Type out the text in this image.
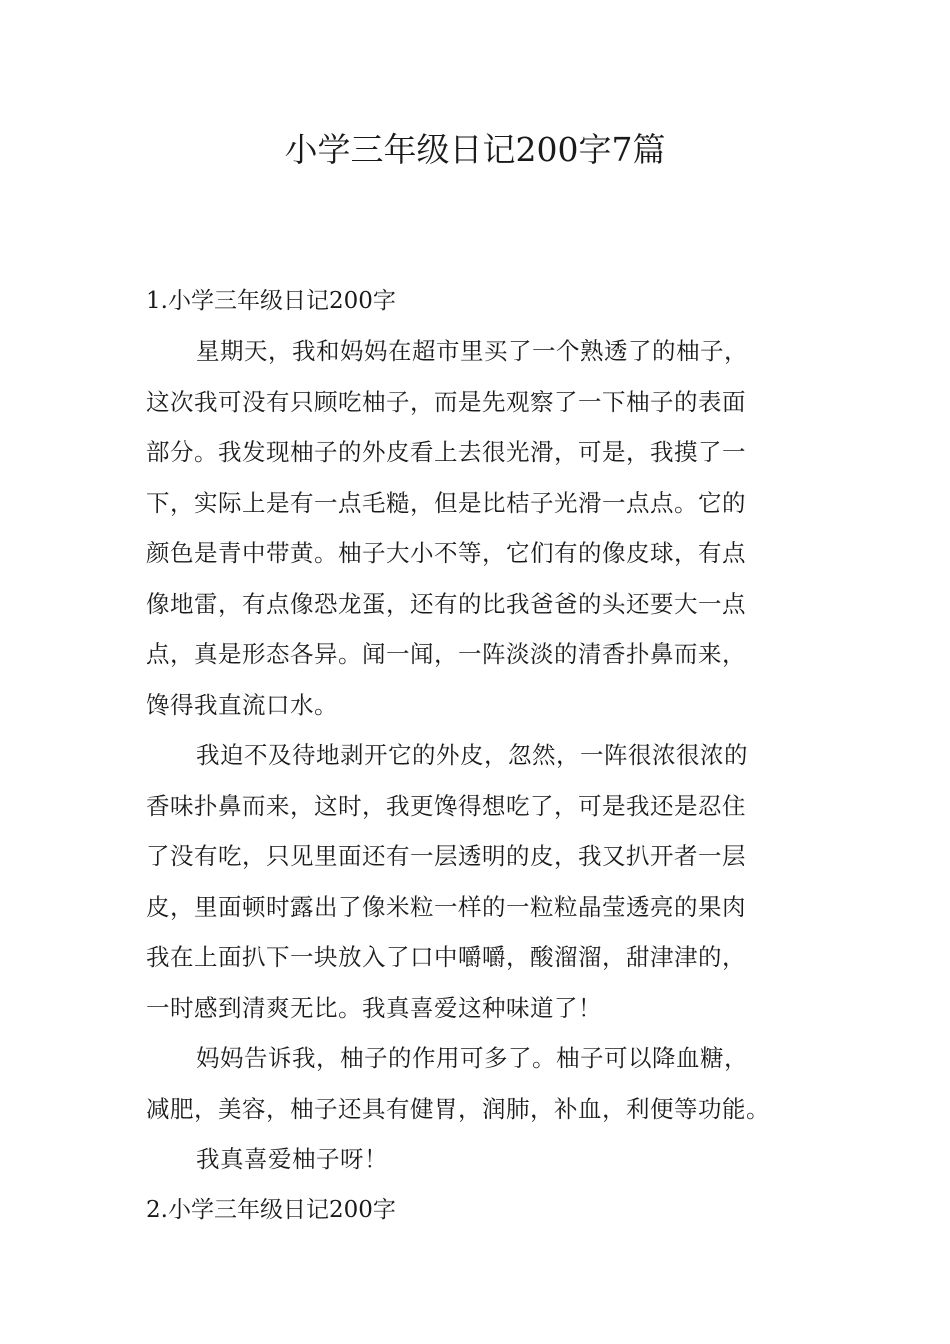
小学三年级日记200字7篇
1.小学三年级日记200字

星期天，我和妈妈在超市里买了一个熟透了的柚子，
这次我可没有只顾吃柚子，而是先观察了一下柚子的表面
部分。我发现柚子的外皮看上去很光滑，可是，我摸了一
下，实际上是有一点毛糙，但是比桔子光滑一点点。它的
颜色是青中带黄。柚子大小不等，它们有的像皮球，有点
像地雷，有点像恐龙蛋，还有的比我爸爸的头还要大一点
点，真是形态各异。闻一闻，一阵淡淡的清香扑鼻而来，
馋得我直流口水。

我迫不及待地剥开它的外皮，忽然，一阵很浓很浓的
香味扑鼻而来，这时，我更馋得想吃了，可是我还是忍住
了没有吃，只见里面还有一层透明的皮，我又扒开者一层
皮，里面顿时露出了像米粒一样的一粒粒晶莹透亮的果肉
我在上面扒下一块放入了口中嚼嚼，酸溜溜，甜津津的，
一时感到清爽无比。我真喜爱这种味道了！

妈妈告诉我，柚子的作用可多了。柚子可以降血糖，
减肥，美容，柚子还具有健胃，润肺，补血，利便等功能。

我真喜爱柚子呀！

2.小学三年级日记200字
